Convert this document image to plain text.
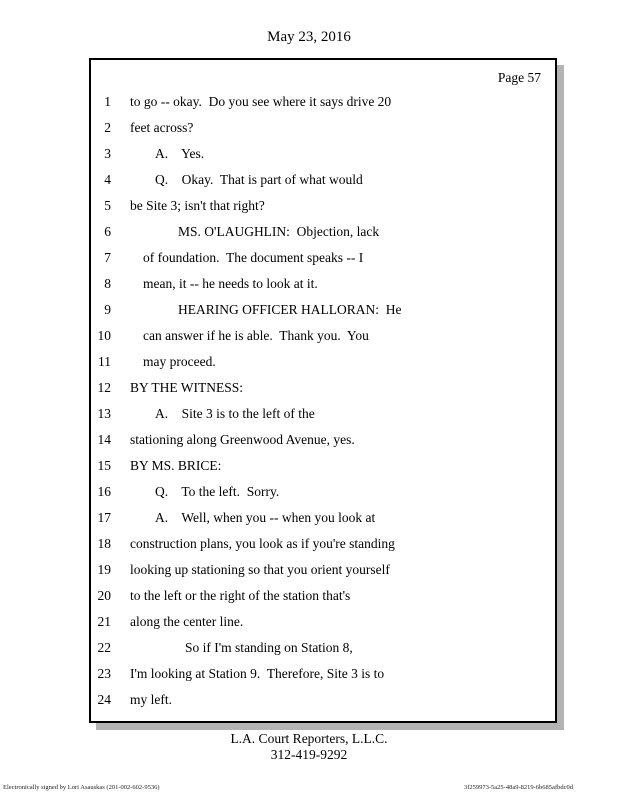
May 23, 2016
Page 57
1	to go -- okay.  Do you see where it says drive 20
2	feet across?
3	A.    Yes.
4	Q.    Okay.  That is part of what would
5	be Site 3; isn't that right?
6	MS. O'LAUGHLIN:  Objection, lack
7	of foundation.  The document speaks -- I
8	mean, it -- he needs to look at it.
9	HEARING OFFICER HALLORAN:  He
10	can answer if he is able.  Thank you.  You
11	may proceed.
12	BY THE WITNESS:
13	A.    Site 3 is to the left of the
14	stationing along Greenwood Avenue, yes.
15	BY MS. BRICE:
16	Q.    To the left.  Sorry.
17	A.    Well, when you -- when you look at
18	construction plans, you look as if you're standing
19	looking up stationing so that you orient yourself
20	to the left or the right of the station that's
21	along the center line.
22	So if I'm standing on Station 8,
23	I'm looking at Station 9.  Therefore, Site 3 is to
24	my left.
L.A. Court Reporters, L.L.C.
312-419-9292
Electronically signed by Lori Asauskas (201-002-602-9536)	3f259973-5a25-48a9-8219-6b685afbdc0d
